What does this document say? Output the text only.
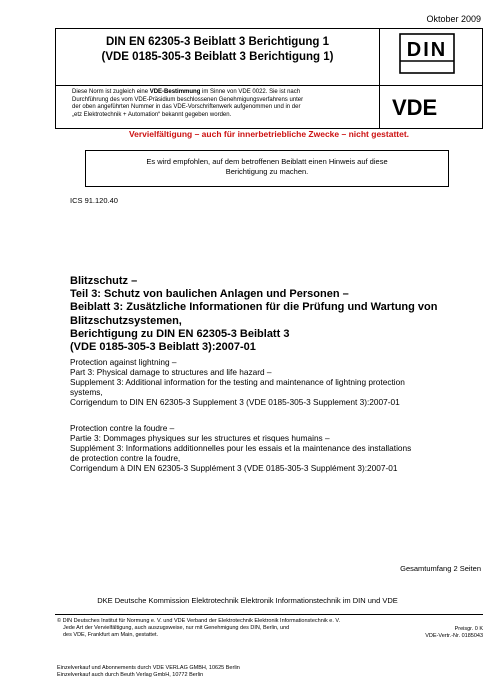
Oktober 2009
DIN EN 62305-3 Beiblatt 3 Berichtigung 1
(VDE 0185-305-3 Beiblatt 3 Berichtigung 1)	DIN
Diese Norm ist zugleich eine VDE-Bestimmung im Sinne von VDE 0022. Sie ist nach
Durchführung des vom VDE-Präsidium beschlossenen Genehmigungsverfahrens unter
der oben angeführten Nummer in das VDE-Vorschriftenwerk aufgenommen und in der
„etz Elektrotechnik + Automation“ bekannt gegeben worden.	VDE
Vervielfältigung – auch für innerbetriebliche Zwecke – nicht gestattet.
Es wird empfohlen, auf dem betroffenen Beiblatt einen Hinweis auf diese
Berichtigung zu machen.
ICS 91.120.40
Blitzschutz –
Teil 3: Schutz von baulichen Anlagen und Personen –
Beiblatt 3: Zusätzliche Informationen für die Prüfung und Wartung von
Blitzschutzsystemen,
Berichtigung zu DIN EN 62305-3 Beiblatt 3
(VDE 0185-305-3 Beiblatt 3):2007-01
Protection against lightning –
Part 3: Physical damage to structures and life hazard –
Supplement 3: Additional information for the testing and maintenance of lightning protection
systems,
Corrigendum to DIN EN 62305-3 Supplement 3 (VDE 0185-305-3 Supplement 3):2007-01
Protection contre la foudre –
Partie 3: Dommages physiques sur les structures et risques humains –
Supplément 3: Informations additionnelles pour les essais et la maintenance des installations
de protection contre la foudre,
Corrigendum à DIN EN 62305-3 Supplément 3 (VDE 0185-305-3 Supplément 3):2007-01
Gesamtumfang 2 Seiten
DKE Deutsche Kommission Elektrotechnik Elektronik Informationstechnik im DIN und VDE
© DIN Deutsches Institut für Normung e. V. und VDE Verband der Elektrotechnik Elektronik Informationstechnik e. V.
Jede Art der Vervielfältigung, auch auszugsweise, nur mit Genehmigung des DIN, Berlin, und
des VDE, Frankfurt am Main, gestattet.
Preisgr. 0 K
VDE-Vertr.-Nr. 0185043
Einzelverkauf und Abonnements durch VDE VERLAG GMBH, 10625 Berlin
Einzelverkauf auch durch Beuth Verlag GmbH, 10772 Berlin
